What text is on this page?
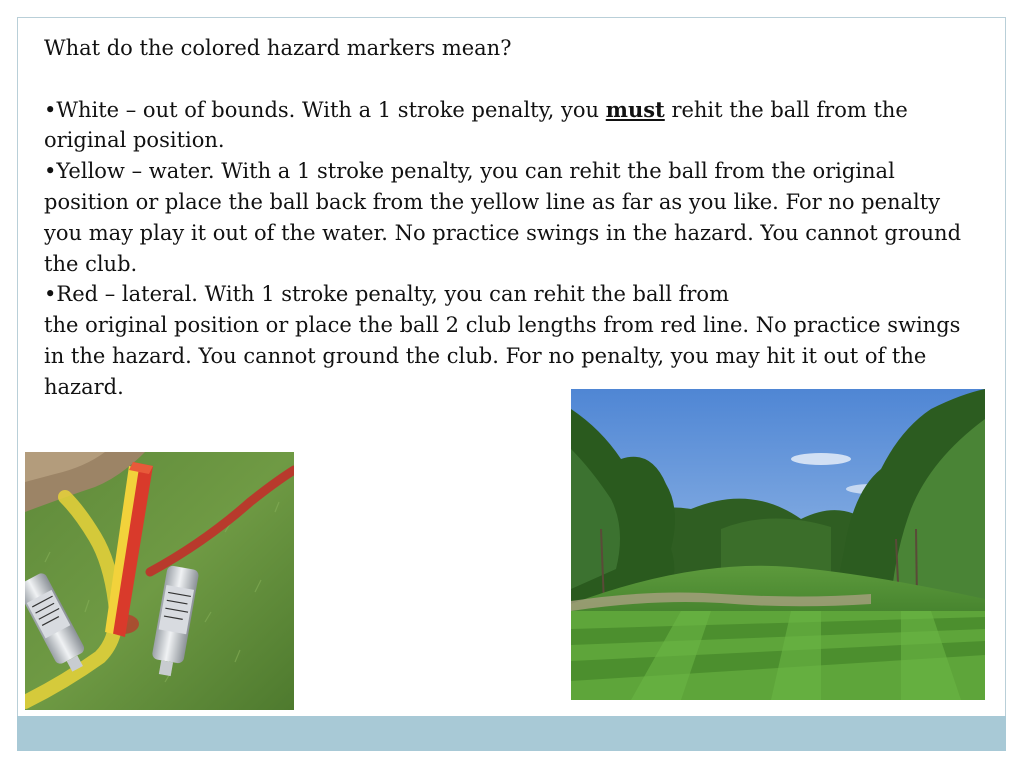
What do the colored hazard markers mean?

•White – out of bounds. With a 1 stroke penalty, you must rehit the ball from the original position.

•Yellow – water. With a 1 stroke penalty, you can rehit the ball from the original position or place the ball back from the yellow line as far as you like. For no penalty you may play it out of the water. No practice swings in the hazard. You cannot ground the club.

•Red – lateral. With 1 stroke penalty, you can rehit the ball from
the original position or place the ball 2 club lengths from red line. No practice swings in the hazard. You cannot ground the club. For no penalty, you may hit it out of the hazard.
